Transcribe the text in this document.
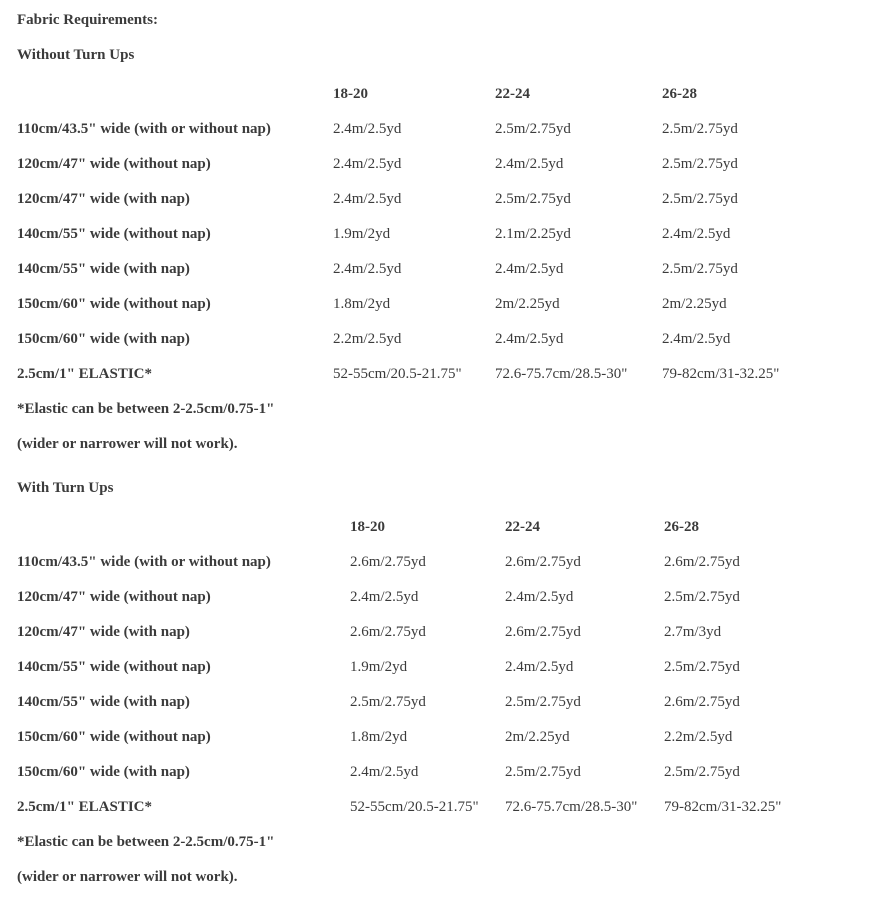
Fabric Requirements:

Without Turn Ups

	18-20	22-24	26-28
110cm/43.5" wide (with or without nap)	2.4m/2.5yd	2.5m/2.75yd	2.5m/2.75yd
120cm/47" wide (without nap)	2.4m/2.5yd	2.4m/2.5yd	2.5m/2.75yd
120cm/47" wide (with nap)	2.4m/2.5yd	2.5m/2.75yd	2.5m/2.75yd
140cm/55" wide (without nap)	1.9m/2yd	2.1m/2.25yd	2.4m/2.5yd
140cm/55" wide (with nap)	2.4m/2.5yd	2.4m/2.5yd	2.5m/2.75yd
150cm/60" wide (without nap)	1.8m/2yd	2m/2.25yd	2m/2.25yd
150cm/60" wide (with nap)	2.2m/2.5yd	2.4m/2.5yd	2.4m/2.5yd
2.5cm/1" ELASTIC*	52-55cm/20.5-21.75"	72.6-75.7cm/28.5-30"	79-82cm/31-32.25"

*Elastic can be between 2-2.5cm/0.75-1"

(wider or narrower will not work).

With Turn Ups

	18-20	22-24	26-28
110cm/43.5" wide (with or without nap)	2.6m/2.75yd	2.6m/2.75yd	2.6m/2.75yd
120cm/47" wide (without nap)	2.4m/2.5yd	2.4m/2.5yd	2.5m/2.75yd
120cm/47" wide (with nap)	2.6m/2.75yd	2.6m/2.75yd	2.7m/3yd
140cm/55" wide (without nap)	1.9m/2yd	2.4m/2.5yd	2.5m/2.75yd
140cm/55" wide (with nap)	2.5m/2.75yd	2.5m/2.75yd	2.6m/2.75yd
150cm/60" wide (without nap)	1.8m/2yd	2m/2.25yd	2.2m/2.5yd
150cm/60" wide (with nap)	2.4m/2.5yd	2.5m/2.75yd	2.5m/2.75yd
2.5cm/1" ELASTIC*	52-55cm/20.5-21.75"	72.6-75.7cm/28.5-30"	79-82cm/31-32.25"

*Elastic can be between 2-2.5cm/0.75-1"

(wider or narrower will not work).
